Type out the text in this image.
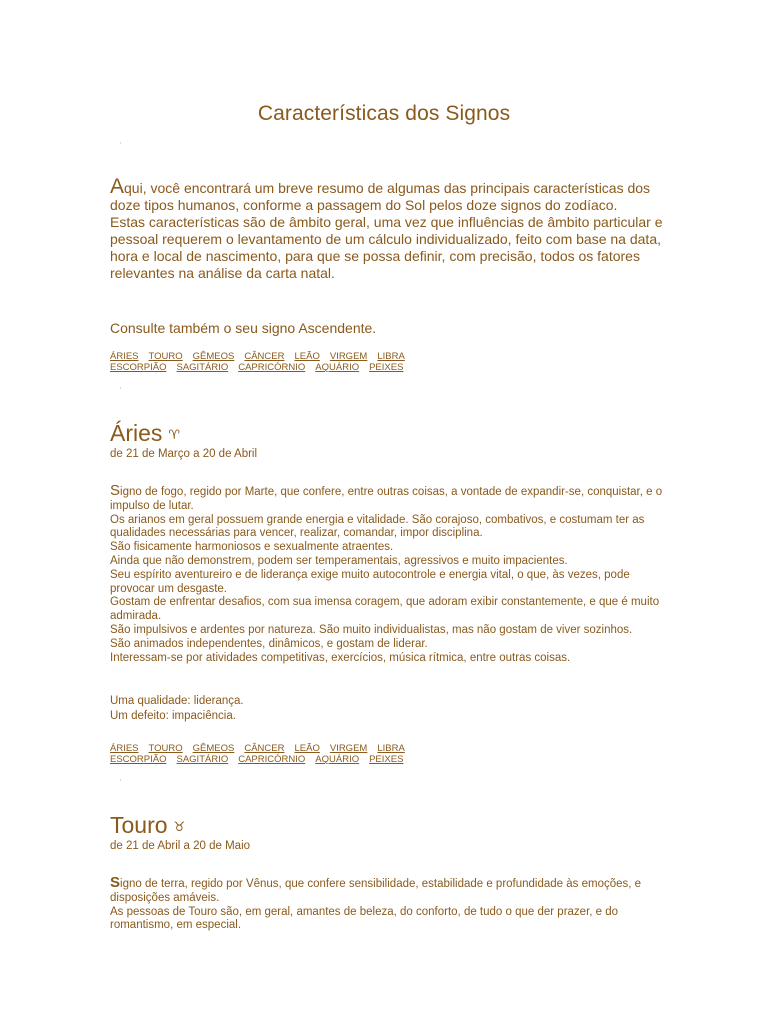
Características dos Signos
'

Aqui, você encontrará um breve resumo de algumas das principais características dos doze tipos humanos, conforme a passagem do Sol pelos doze signos do zodíaco.

Estas características são de âmbito geral, uma vez que influências de âmbito particular e pessoal requerem o levantamento de um cálculo individualizado, feito com base na data, hora e local de nascimento, para que se possa definir, com precisão, todos os fatores relevantes na análise da carta natal.

Consulte também o seu signo Ascendente.
ÁRIES TOURO GÊMEOS CÂNCER LEÃO VIRGEM LIBRA
ESCORPIÃO SAGITÁRIO CAPRICÓRNIO AQUÁRIO PEIXES
'
Áries ♈
de 21 de Março a 20 de Abril

Signo de fogo, regido por Marte, que confere, entre outras coisas, a vontade de expandir-se, conquistar, e o impulso de lutar.

Os arianos em geral possuem grande energia e vitalidade. São corajoso, combativos, e costumam ter as qualidades necessárias para vencer, realizar, comandar, impor disciplina.

São fisicamente harmoniosos e sexualmente atraentes.

Ainda que não demonstrem, podem ser temperamentais, agressivos e muito impacientes.

Seu espírito aventureiro e de liderança exige muito autocontrole e energia vital, o que, às vezes, pode provocar um desgaste.

Gostam de enfrentar desafios, com sua imensa coragem, que adoram exibir constantemente, e que é muito admirada.

São impulsivos e ardentes por natureza. São muito individualistas, mas não gostam de viver sozinhos.

São animados independentes, dinâmicos, e gostam de liderar.

Interessam-se por atividades competitivas, exercícios, música rítmica, entre outras coisas.

Uma qualidade: liderança.

Um defeito: impaciência.

ÁRIES TOURO GÊMEOS CÂNCER LEÃO VIRGEM LIBRA
ESCORPIÃO SAGITÁRIO CAPRICÓRNIO AQUÁRIO PEIXES
'
Touro ♉
de 21 de Abril a 20 de Maio

Signo de terra, regido por Vênus, que confere sensibilidade, estabilidade e profundidade às emoções, e disposições amáveis.

As pessoas de Touro são, em geral, amantes de beleza, do conforto, de tudo o que der prazer, e do romantismo, em especial.
